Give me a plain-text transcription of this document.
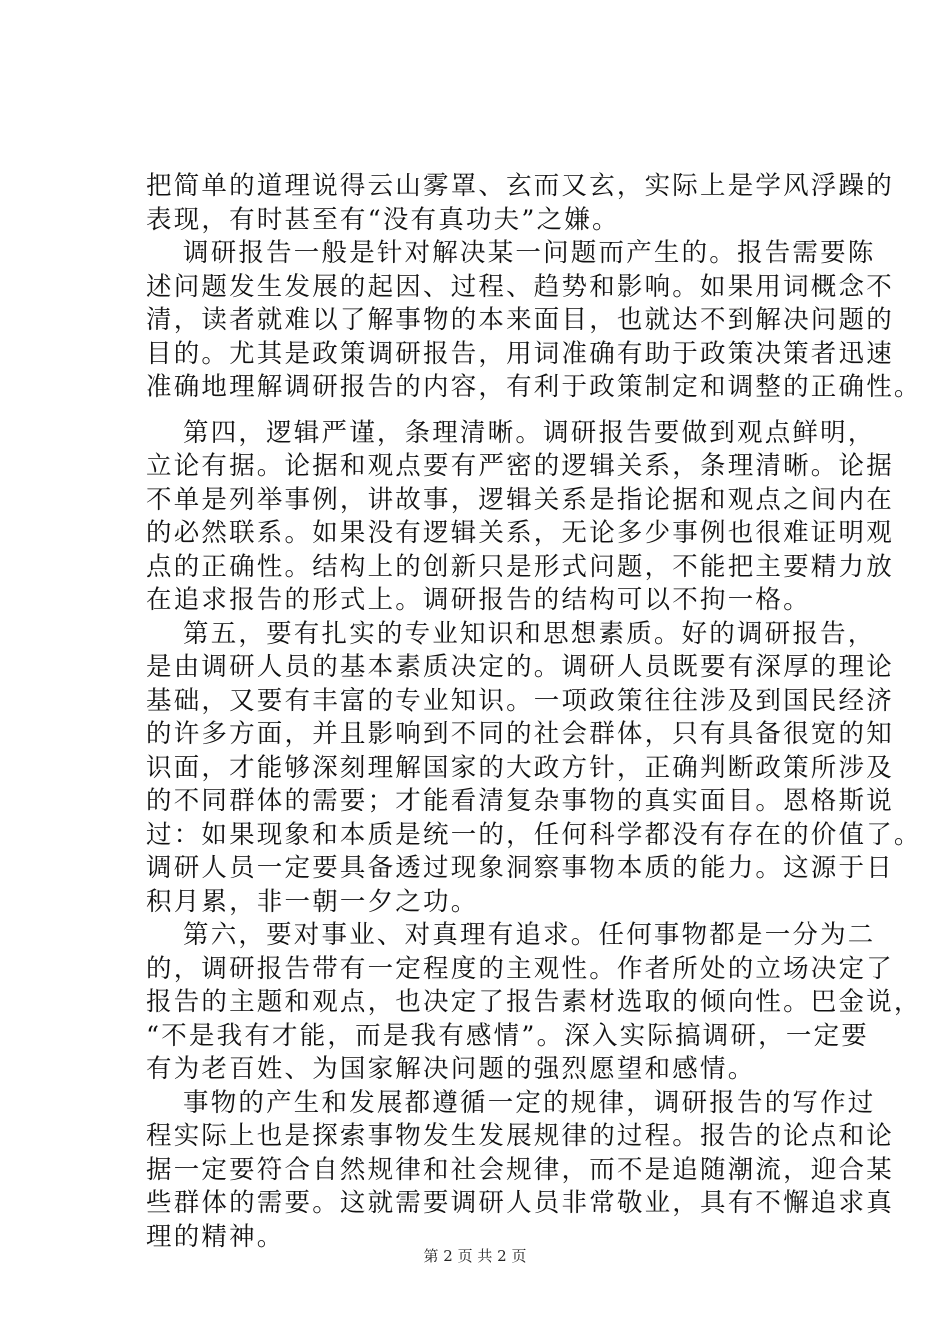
把简单的道理说得云山雾罩、玄而又玄，实际上是学风浮躁的
表现，有时甚至有“没有真功夫”之嫌。
调研报告一般是针对解决某一问题而产生的。报告需要陈
述问题发生发展的起因、过程、趋势和影响。如果用词概念不
清，读者就难以了解事物的本来面目，也就达不到解决问题的
目的。尤其是政策调研报告，用词准确有助于政策决策者迅速
准确地理解调研报告的内容，有利于政策制定和调整的正确性。
第四，逻辑严谨，条理清晰。调研报告要做到观点鲜明，
立论有据。论据和观点要有严密的逻辑关系，条理清晰。论据
不单是列举事例，讲故事，逻辑关系是指论据和观点之间内在
的必然联系。如果没有逻辑关系，无论多少事例也很难证明观
点的正确性。结构上的创新只是形式问题，不能把主要精力放
在追求报告的形式上。调研报告的结构可以不拘一格。
第五，要有扎实的专业知识和思想素质。好的调研报告，
是由调研人员的基本素质决定的。调研人员既要有深厚的理论
基础，又要有丰富的专业知识。一项政策往往涉及到国民经济
的许多方面，并且影响到不同的社会群体，只有具备很宽的知
识面，才能够深刻理解国家的大政方针，正确判断政策所涉及
的不同群体的需要；才能看清复杂事物的真实面目。恩格斯说
过：如果现象和本质是统一的，任何科学都没有存在的价值了。
调研人员一定要具备透过现象洞察事物本质的能力。这源于日
积月累，非一朝一夕之功。
第六，要对事业、对真理有追求。任何事物都是一分为二
的，调研报告带有一定程度的主观性。作者所处的立场决定了
报告的主题和观点，也决定了报告素材选取的倾向性。巴金说，
“不是我有才能，而是我有感情”。深入实际搞调研，一定要
有为老百姓、为国家解决问题的强烈愿望和感情。
事物的产生和发展都遵循一定的规律，调研报告的写作过
程实际上也是探索事物发生发展规律的过程。报告的论点和论
据一定要符合自然规律和社会规律，而不是追随潮流，迎合某
些群体的需要。这就需要调研人员非常敬业，具有不懈追求真
理的精神。
第 2 页 共 2 页
